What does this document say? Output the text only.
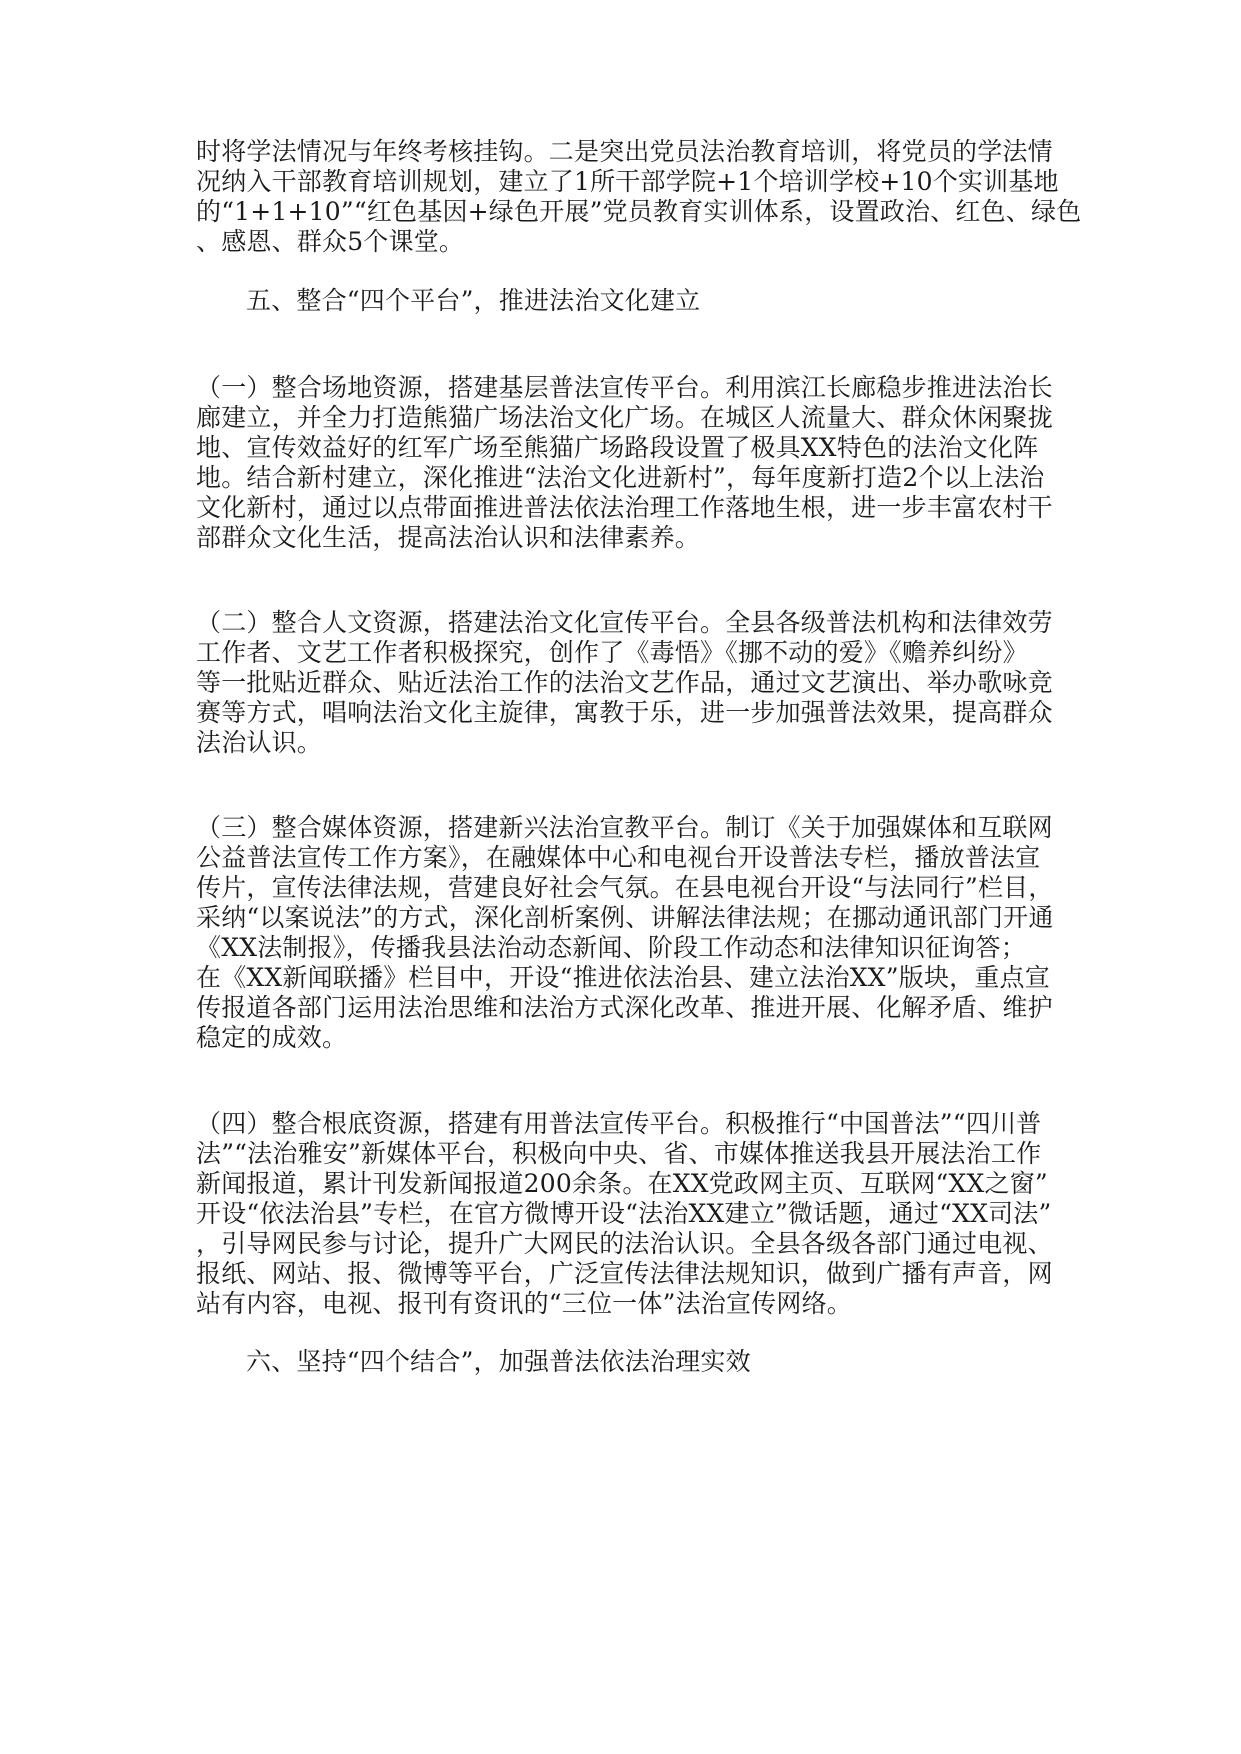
时将学法情况与年终考核挂钩。二是突出党员法治教育培训，将党员的学法情
况纳入干部教育培训规划，建立了1所干部学院+1个培训学校+10个实训基地
的“1+1+10”“红色基因+绿色开展”党员教育实训体系，设置政治、红色、绿色
、感恩、群众5个课堂。
五、整合“四个平台”，推进法治文化建立
（一）整合场地资源，搭建基层普法宣传平台。利用滨江长廊稳步推进法治长
廊建立，并全力打造熊猫广场法治文化广场。在城区人流量大、群众休闲聚拢
地、宣传效益好的红军广场至熊猫广场路段设置了极具XX特色的法治文化阵
地。结合新村建立，深化推进“法治文化进新村”，每年度新打造2个以上法治
文化新村，通过以点带面推进普法依法治理工作落地生根，进一步丰富农村干
部群众文化生活，提高法治认识和法律素养。
（二）整合人文资源，搭建法治文化宣传平台。全县各级普法机构和法律效劳
工作者、文艺工作者积极探究，创作了《毒悟》《挪不动的爱》《赡养纠纷》
等一批贴近群众、贴近法治工作的法治文艺作品，通过文艺演出、举办歌咏竞
赛等方式，唱响法治文化主旋律，寓教于乐，进一步加强普法效果，提高群众
法治认识。
（三）整合媒体资源，搭建新兴法治宣教平台。制订《关于加强媒体和互联网
公益普法宣传工作方案》，在融媒体中心和电视台开设普法专栏，播放普法宣
传片，宣传法律法规，营建良好社会气氛。在县电视台开设“与法同行”栏目，
采纳“以案说法”的方式，深化剖析案例、讲解法律法规；在挪动通讯部门开通
《XX法制报》，传播我县法治动态新闻、阶段工作动态和法律知识征询答；
在《XX新闻联播》栏目中，开设“推进依法治县、建立法治XX”版块，重点宣
传报道各部门运用法治思维和法治方式深化改革、推进开展、化解矛盾、维护
稳定的成效。
（四）整合根底资源，搭建有用普法宣传平台。积极推行“中国普法”“四川普
法”“法治雅安”新媒体平台，积极向中央、省、市媒体推送我县开展法治工作
新闻报道，累计刊发新闻报道200余条。在XX党政网主页、互联网“XX之窗”
开设“依法治县”专栏，在官方微博开设“法治XX建立”微话题，通过“XX司法”
，引导网民参与讨论，提升广大网民的法治认识。全县各级各部门通过电视、
报纸、网站、报、微博等平台，广泛宣传法律法规知识，做到广播有声音，网
站有内容，电视、报刊有资讯的“三位一体”法治宣传网络。
六、坚持“四个结合”，加强普法依法治理实效
